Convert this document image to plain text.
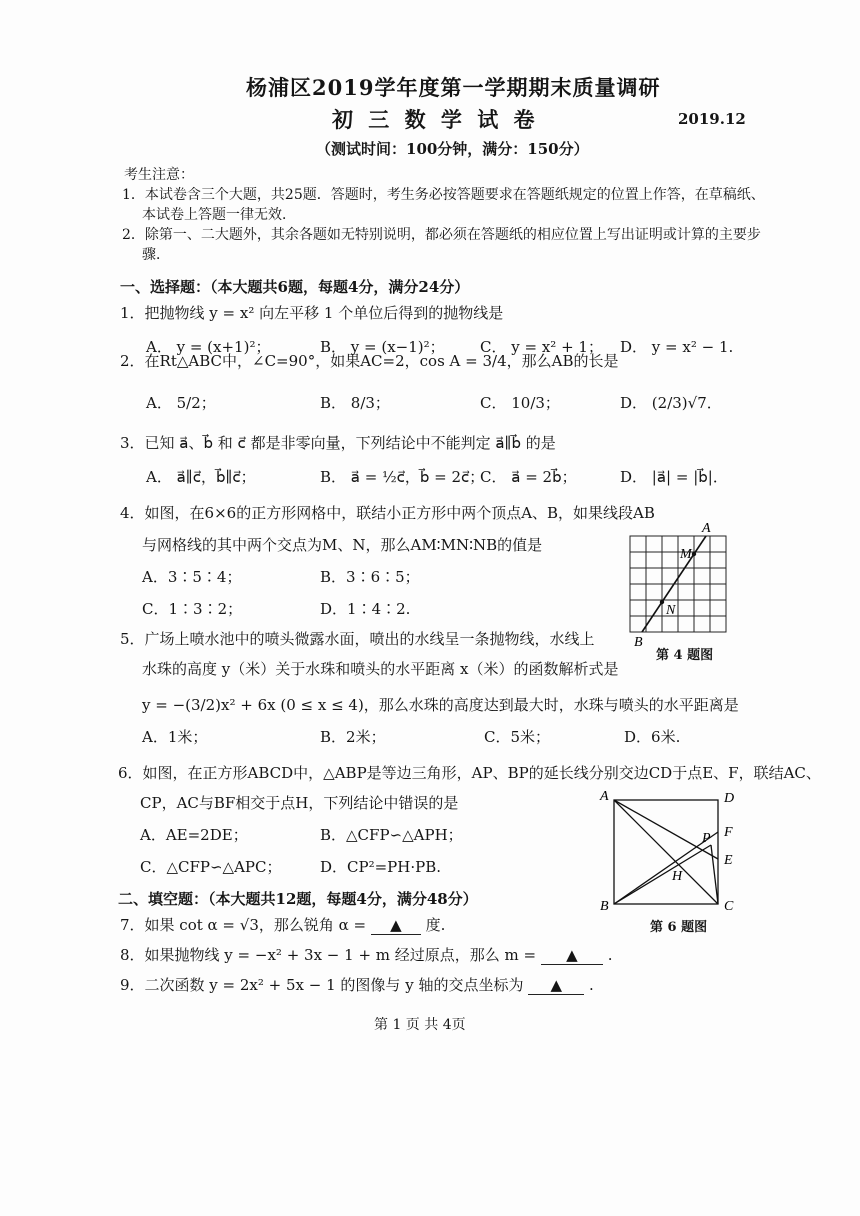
杨浦区2019学年度第一学期期末质量调研
初 三 数 学 试 卷	2019.12
（测试时间：100分钟，满分：150分）
考生注意：
1．本试卷含三个大题，共25题．答题时，考生务必按答题要求在答题纸规定的位置上作答，在草稿纸、
本试卷上答题一律无效．
2．除第一、二大题外，其余各题如无特别说明，都必须在答题纸的相应位置上写出证明或计算的主要步
骤．
一、选择题：（本大题共6题，每题4分，满分24分）
1．把抛物线 y = x² 向左平移 1 个单位后得到的抛物线是
A． y = (x+1)²；	B． y = (x−1)²； C． y = x² + 1； D． y = x² − 1.
2．在Rt△ABC中，∠C=90°，如果AC=2，cos A = 3/4，那么AB的长是
A． 5/2；	B． 8/3；	C． 10/3；	D． (2/3)√7．
3．已知 a⃗、b⃗ 和 c⃗ 都是非零向量，下列结论中不能判定 a⃗∥b⃗ 的是
A． a⃗∥c⃗，b⃗∥c⃗；	B． a⃗ = ½c⃗，b⃗ = 2c⃗；
C． a⃗ = 2b⃗；	D． |a⃗| = |b⃗|．
4．如图，在6×6的正方形网格中，联结小正方形中两个顶点A、B，如果线段AB
与网格线的其中两个交点为M、N，那么AM∶MN∶NB的值是
A．3∶5∶4；	B．3∶6∶5；
C．1∶3∶2；	D．1∶4∶2.
A
M
N
B
第 4 题图
5．广场上喷水池中的喷头微露水面，喷出的水线呈一条抛物线，水线上
水珠的高度 y（米）关于水珠和喷头的水平距离 x（米）的函数解析式是
y = −(3/2)x² + 6x (0 ≤ x ≤ 4)，那么水珠的高度达到最大时，水珠与喷头的水平距离是
A．1米；	B．2米；	C．5米；	D．6米.
6．如图，在正方形ABCD中，△ABP是等边三角形，AP、BP的延长线分别交边CD于点E、F，联结AC、
CP，AC与BF相交于点H，下列结论中错误的是
A．AE=2DE；	B．△CFP∽△APH；
C．△CFP∽△APC；	D．CP²=PH·PB.
A	D
F
E
P
H
B	C
第 6 题图
二、填空题：（本大题共12题，每题4分，满分48分）
7．如果 cot α = √3，那么锐角 α = ▲ 度.
8．如果抛物线 y = −x² + 3x − 1 + m 经过原点，那么 m = ▲ .
9．二次函数 y = 2x² + 5x − 1 的图像与 y 轴的交点坐标为 ▲ .
第 1 页 共 4页
